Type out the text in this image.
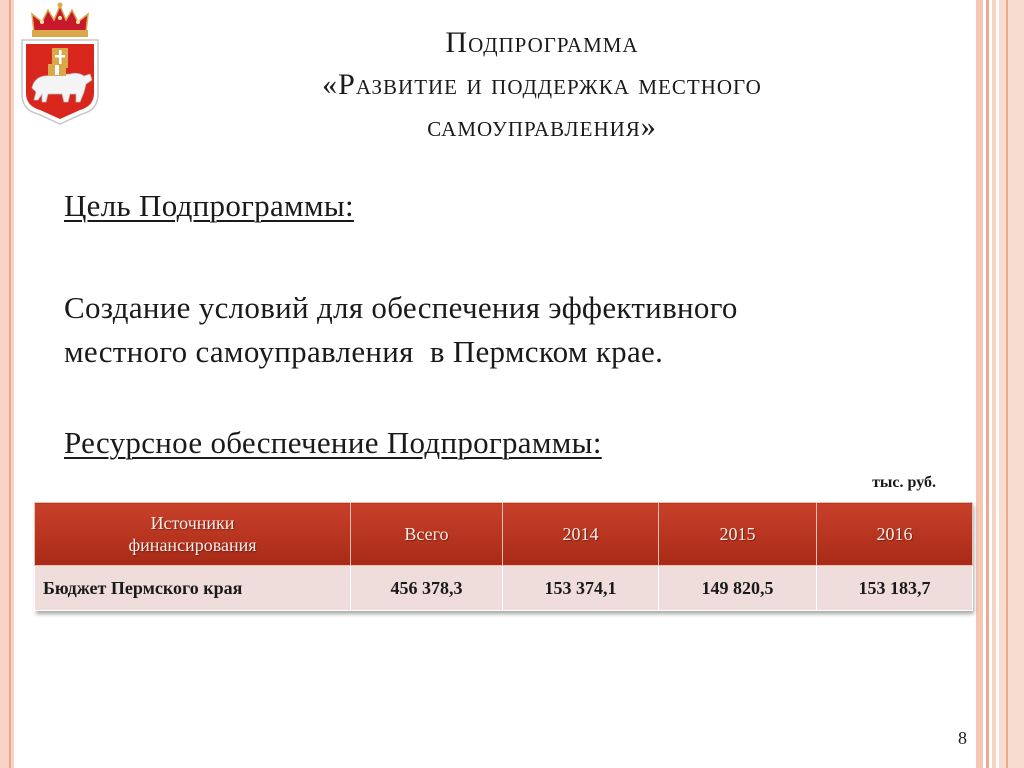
Подпрограмма
«Развитие и поддержка местного
самоуправления»
Цель Подпрограммы:
Создание условий для обеспечения эффективного
местного самоуправления  в Пермском крае.
Ресурсное обеспечение Подпрограммы:
тыс. руб.
Источники
финансирования	Всего	2014	2015	2016
Бюджет Пермского края	456 378,3	153 374,1	149 820,5	153 183,7
8
